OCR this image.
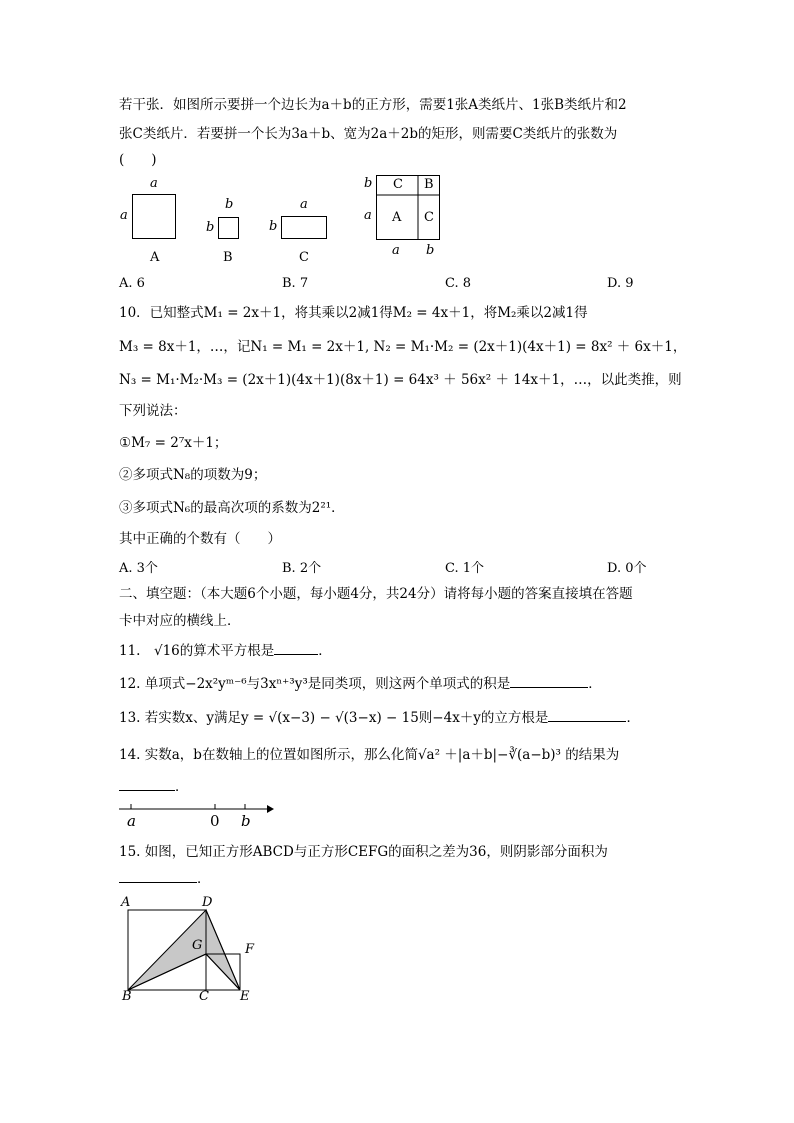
若干张．如图所示要拼一个边长为a＋b的正方形，需要1张A类纸片、1张B类纸片和2
张C类纸片．若要拼一个长为3a＋b、宽为2a＋2b的矩形，则需要C类纸片的张数为
(　　)
a
a
A
b
b
B
a
b
C
C B
A C
b
a
a b
A. 6	B. 7	C. 8	D. 9
10．已知整式M₁ = 2x＋1，将其乘以2减1得M₂ = 4x＋1，将M₂乘以2减1得
M₃ = 8x＋1，…，记N₁ = M₁ = 2x＋1, N₂ = M₁·M₂ = (2x＋1)(4x＋1) = 8x² ＋ 6x＋1，
N₃ = M₁·M₂·M₃ = (2x＋1)(4x＋1)(8x＋1) = 64x³ ＋ 56x² ＋ 14x＋1，…，以此类推，则
下列说法：
①M₇ = 2⁷x＋1；
②多项式N₈的项数为9；
③多项式N₆的最高次项的系数为2²¹．
其中正确的个数有（　　）
A. 3个	B. 2个	C. 1个	D. 0个
二、填空题：（本大题6个小题，每小题4分，共24分）请将每小题的答案直接填在答题
卡中对应的横线上．
11.　√16的算术平方根是	．
12. 单项式−2x²yᵐ⁻⁶与3xⁿ⁺³y³是同类项，则这两个单项式的积是	．
13. 若实数x、y满足y = √(x−3) − √(3−x) − 15则−4x＋y的立方根是	．
14. 实数a，b在数轴上的位置如图所示，那么化简√a² ＋|a＋b|−∛(a−b)³ 的结果为
．
a	0 b
15. 如图，已知正方形ABCD与正方形CEFG的面积之差为36，则阴影部分面积为
．
A	D
G	F
B	C E
